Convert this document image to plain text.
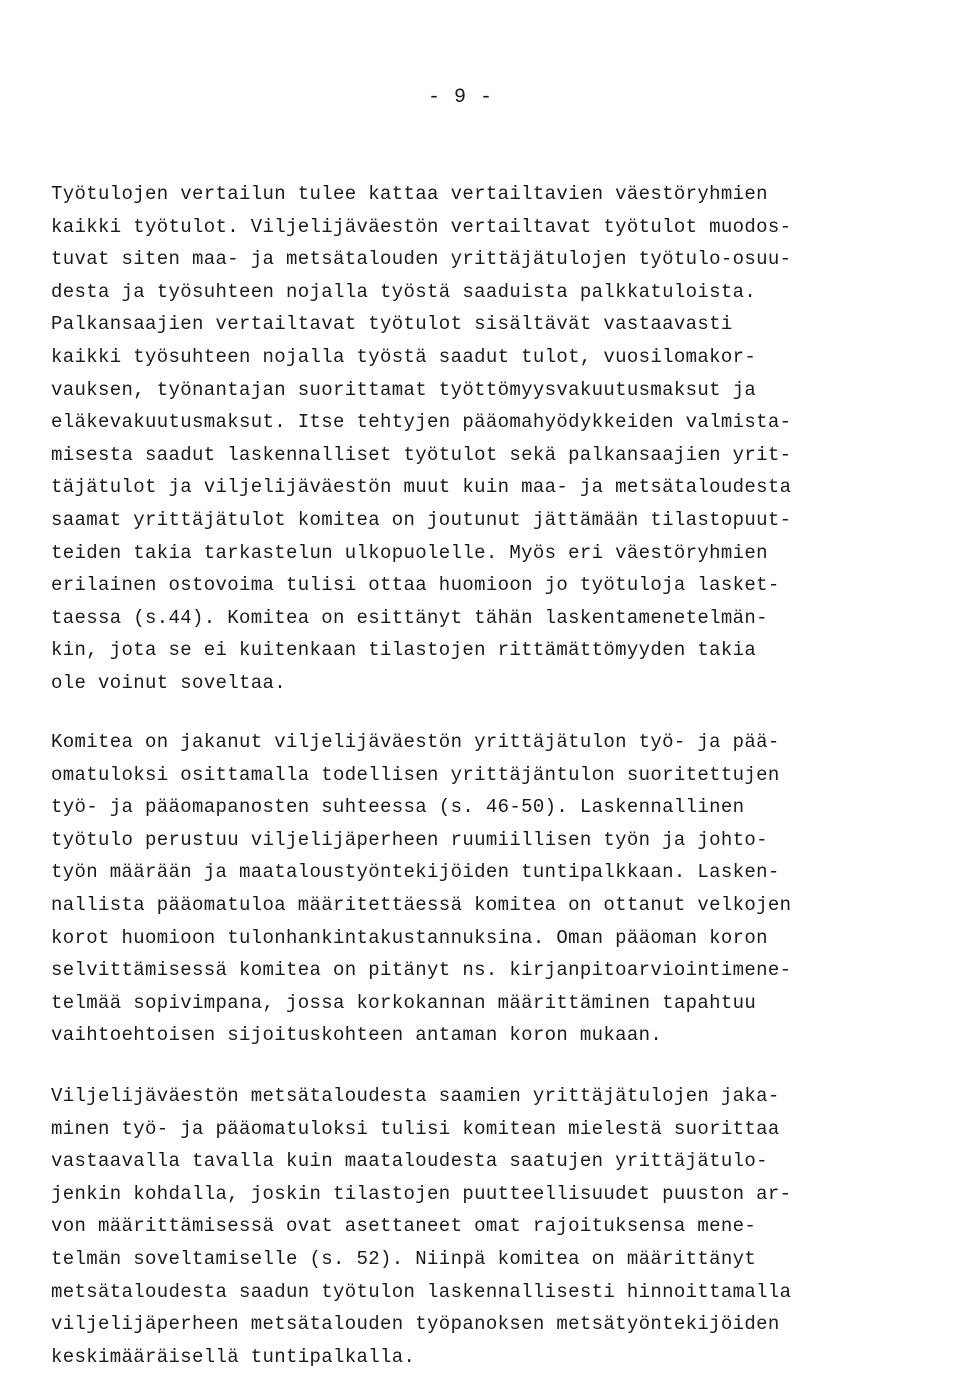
- 9 -
Työtulojen vertailun tulee kattaa vertailtavien väestöryhmien
kaikki työtulot. Viljelijäväestön vertailtavat työtulot muodos-
tuvat siten maa- ja metsätalouden yrittäjätulojen työtulo-osuu-
desta ja työsuhteen nojalla työstä saaduista palkkatuloista.
Palkansaajien vertailtavat työtulot sisältävät vastaavasti
kaikki työsuhteen nojalla työstä saadut tulot, vuosilomakor-
vauksen, työnantajan suorittamat työttömyysvakuutusmaksut ja
eläkevakuutusmaksut. Itse tehtyjen pääomahyödykkeiden valmista-
misesta saadut laskennalliset työtulot sekä palkansaajien yrit-
täjätulot ja viljelijäväestön muut kuin maa- ja metsätaloudesta
saamat yrittäjätulot komitea on joutunut jättämään tilastopuut-
teiden takia tarkastelun ulkopuolelle. Myös eri väestöryhmien
erilainen ostovoima tulisi ottaa huomioon jo työtuloja lasket-
taessa (s.44). Komitea on esittänyt tähän laskentamenetelmän-
kin, jota se ei kuitenkaan tilastojen rittämättömyyden takia
ole voinut soveltaa.
Komitea on jakanut viljelijäväestön yrittäjätulon työ- ja pää-
omatuloksi osittamalla todellisen yrittäjäntulon suoritettujen
työ- ja pääomapanosten suhteessa (s. 46-50). Laskennallinen
työtulo perustuu viljelijäperheen ruumiillisen työn ja johto-
työn määrään ja maataloustyöntekijöiden tuntipalkkaan. Lasken-
nallista pääomatuloa määritettäessä komitea on ottanut velkojen
korot huomioon tulonhankintakustannuksina. Oman pääoman koron
selvittämisessä komitea on pitänyt ns. kirjanpitoarviointimene-
telmää sopivimpana, jossa korkokannan määrittäminen tapahtuu
vaihtoehtoisen sijoituskohteen antaman koron mukaan.
Viljelijäväestön metsätaloudesta saamien yrittäjätulojen jaka-
minen työ- ja pääomatuloksi tulisi komitean mielestä suorittaa
vastaavalla tavalla kuin maataloudesta saatujen yrittäjätulo-
jenkin kohdalla, joskin tilastojen puutteellisuudet puuston ar-
von määrittämisessä ovat asettaneet omat rajoituksensa mene-
telmän soveltamiselle (s. 52). Niinpä komitea on määrittänyt
metsätaloudesta saadun työtulon laskennallisesti hinnoittamalla
viljelijäperheen metsätalouden työpanoksen metsätyöntekijöiden
keskimääräisellä tuntipalkalla.
